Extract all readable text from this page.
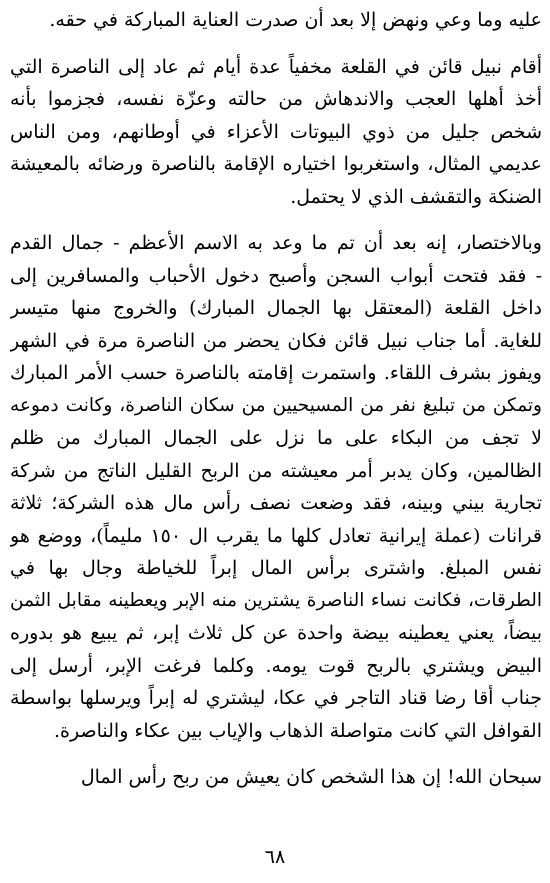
عليه وما وعي ونهض إلا بعد أن صدرت العناية المباركة في حقه.

أقام نبيل قائن في القلعة مخفياً عدة أيام ثم عاد إلى الناصرة التي
أخذ أهلها العجب والاندهاش من حالته وعزّة نفسه، فجزموا بأنه
شخص جليل من ذوي البيوتات الأعزاء في أوطانهم، ومن الناس
عديمي المثال، واستغربوا اختياره الإقامة بالناصرة ورضائه بالمعيشة
الضنكة والتقشف الذي لا يحتمل.

وبالاختصار، إنه بعد أن تم ما وعد به الاسم الأعظم - جمال القدم
- فقد فتحت أبواب السجن وأصبح دخول الأحباب والمسافرين إلى
داخل القلعة (المعتقل بها الجمال المبارك) والخروج منها متيسر
للغاية. أما جناب نبيل قائن فكان يحضر من الناصرة مرة في الشهر
ويفوز بشرف اللقاء. واستمرت إقامته بالناصرة حسب الأمر المبارك
وتمكن من تبليغ نفر من المسيحيين من سكان الناصرة، وكانت دموعه
لا تجف من البكاء على ما نزل على الجمال المبارك من ظلم
الظالمين، وكان يدبر أمر معيشته من الربح القليل الناتج من شركة
تجارية بيني وبينه، فقد وضعت نصف رأس مال هذه الشركة؛ ثلاثة
قرانات (عملة إيرانية تعادل كلها ما يقرب ال ١٥٠ مليماً)، ووضع هو
نفس المبلغ. واشترى برأس المال إبراً للخياطة وجال بها في
الطرقات، فكانت نساء الناصرة يشترين منه الإبر ويعطينه مقابل الثمن
بيضاً، يعني يعطينه بيضة واحدة عن كل ثلاث إبر، ثم يبيع هو بدوره
البيض ويشتري بالربح قوت يومه. وكلما فرغت الإبر، أرسل إلى
جناب أقا رضا قناد التاجر في عكا، ليشتري له إبراً ويرسلها بواسطة
القوافل التي كانت متواصلة الذهاب والإياب بين عكاء والناصرة.

سبحان الله! إن هذا الشخص كان يعيش من ربح رأس المال

٦٨
